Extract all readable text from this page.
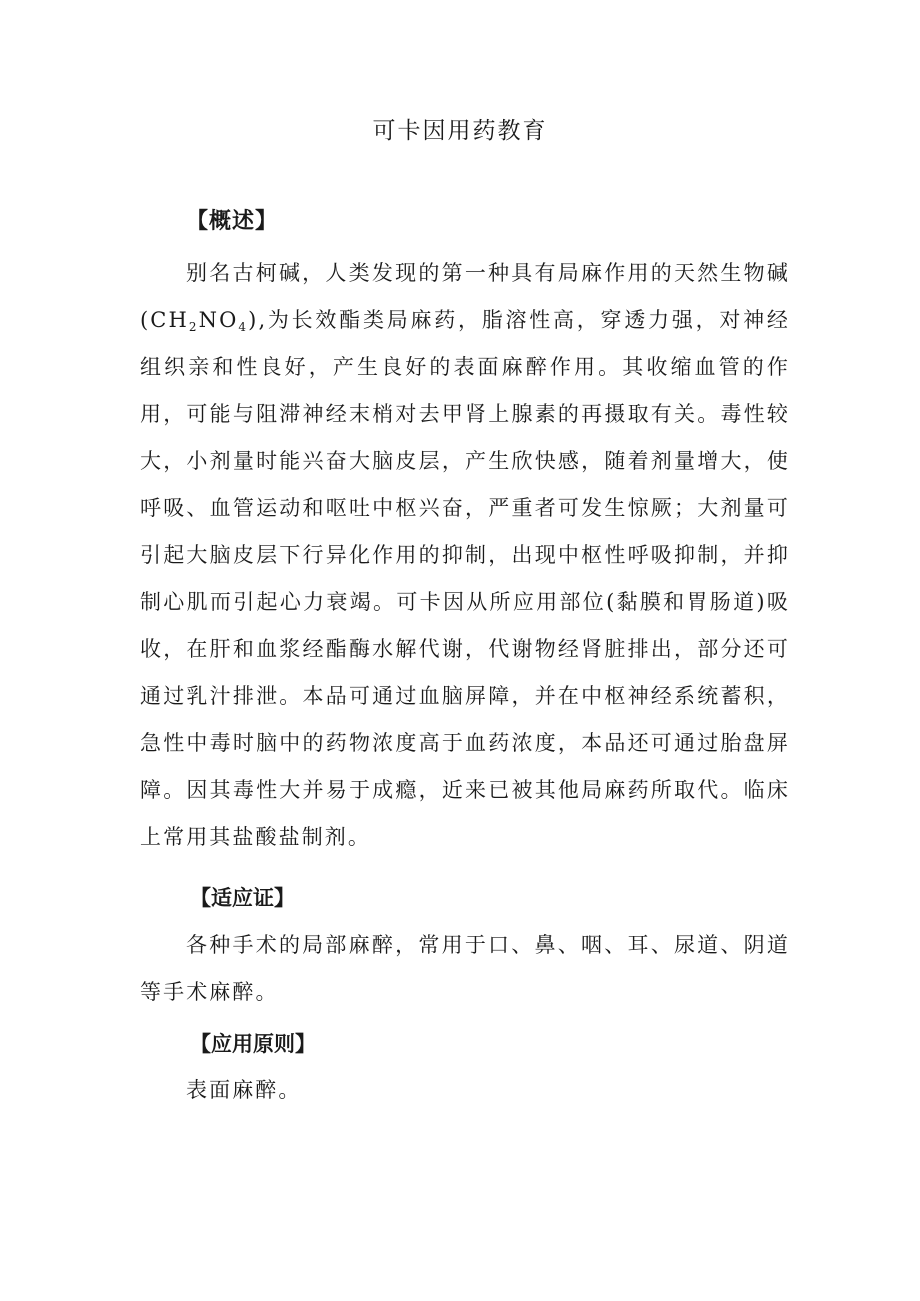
可卡因用药教育
【概述】

别名古柯碱，人类发现的第一种具有局麻作用的天然生物碱$(CH_2NO_4)$,为长效酯类局麻药，脂溶性高，穿透力强，对神经组织亲和性良好，产生良好的表面麻醉作用。其收缩血管的作用，可能与阻滞神经末梢对去甲肾上腺素的再摄取有关。毒性较大，小剂量时能兴奋大脑皮层，产生欣快感，随着剂量增大，使呼吸、血管运动和呕吐中枢兴奋，严重者可发生惊厥；大剂量可引起大脑皮层下行异化作用的抑制，出现中枢性呼吸抑制，并抑制心肌而引起心力衰竭。可卡因从所应用部位(黏膜和胃肠道)吸收，在肝和血浆经酯酶水解代谢，代谢物经肾脏排出，部分还可通过乳汁排泄。本品可通过血脑屏障，并在中枢神经系统蓄积，急性中毒时脑中的药物浓度高于血药浓度，本品还可通过胎盘屏障。因其毒性大并易于成瘾，近来已被其他局麻药所取代。临床上常用其盐酸盐制剂。

【适应证】

各种手术的局部麻醉，常用于口、鼻、咽、耳、尿道、阴道等手术麻醉。

【应用原则】

表面麻醉。
